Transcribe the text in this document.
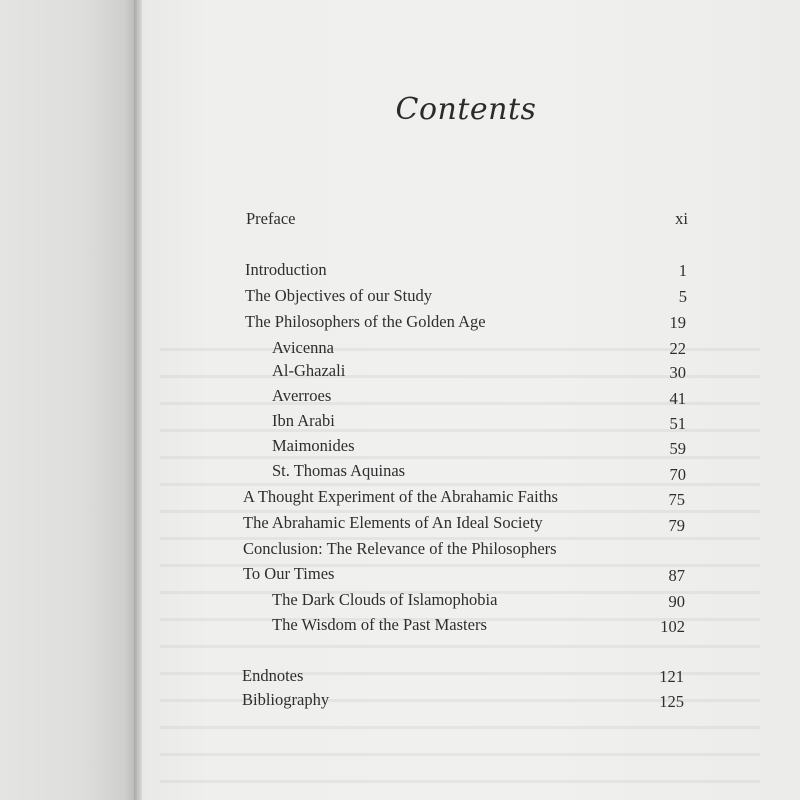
Contents
Preface	xi
Introduction	1
The Objectives of our Study	5
The Philosophers of the Golden Age	19
Avicenna	22
Al-Ghazali	30
Averroes	41
Ibn Arabi	51
Maimonides	59
St. Thomas Aquinas	70
A Thought Experiment of the Abrahamic Faiths	75
The Abrahamic Elements of An Ideal Society	79
Conclusion: The Relevance of the Philosophers
To Our Times	87
The Dark Clouds of Islamophobia	90
The Wisdom of the Past Masters	102
Endnotes	121
Bibliography	125
